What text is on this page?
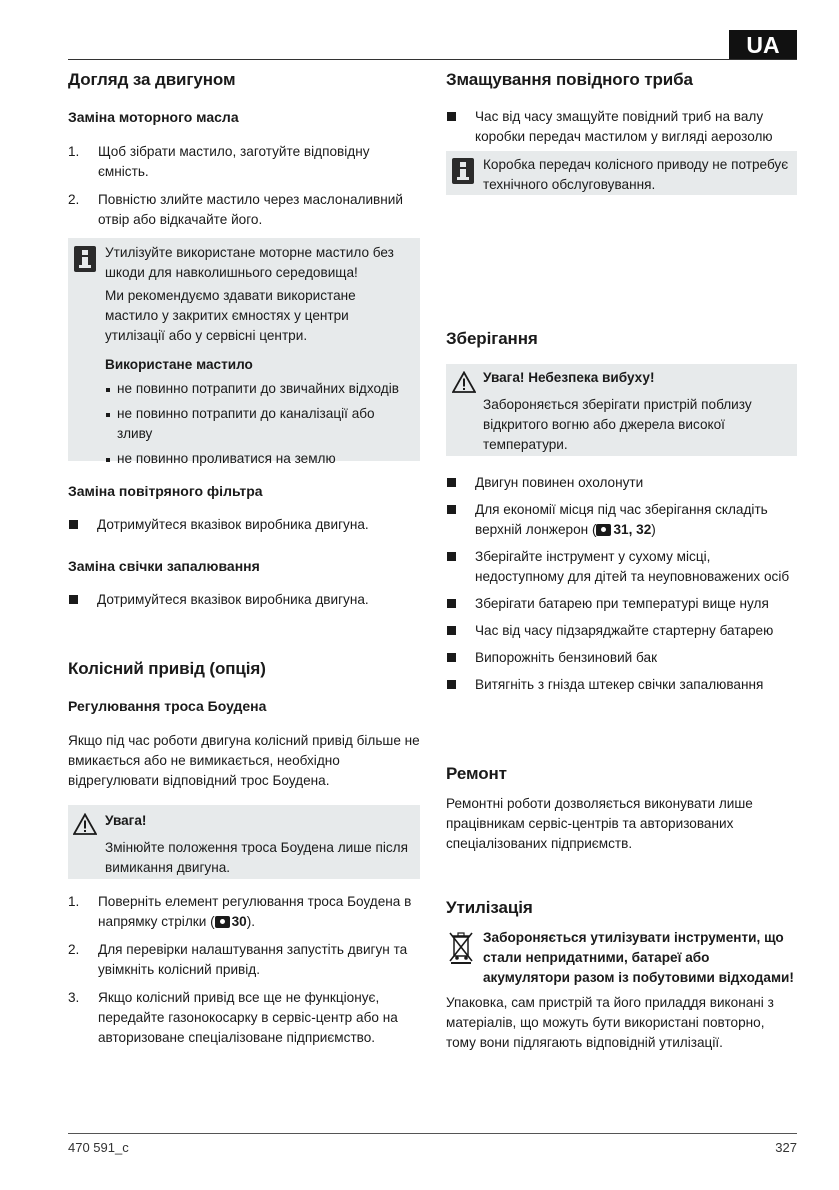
UA
Догляд за двигуном
Заміна моторного масла
1. Щоб зібрати мастило, заготуйте відповідну ємність.
2. Повністю злийте мастило через маслоналивний отвір або відкачайте його.

Утилізуйте використане моторне мастило без шкоди для навколишнього середовища!

Ми рекомендуємо здавати використане мастило у закритих ємностях у центри утилізації або у сервісні центри.

Використане мастило

не повинно потрапити до звичайних відходів
не повинно потрапити до каналізації або зливу
не повинно проливатися на землю
Заміна повітряного фільтра
Дотримуйтеся вказівок виробника двигуна.
Заміна свічки запалювання
Дотримуйтеся вказівок виробника двигуна.
Колісний привід (опція)
Регулювання троса Боудена

Якщо під час роботи двигуна колісний привід більше не вмикається або не вимикається, необхідно відрегулювати відповідний трос Боудена.

Увага!

Змінюйте положення троса Боудена лише після вимикання двигуна.

1. Поверніть елемент регулювання троса Боудена в напрямку стрілки ( 30).
2. Для перевірки налаштування запустіть двигун та увімкніть колісний привід.
3. Якщо колісний привід все ще не функціонує, передайте газонокосарку в сервіс-центр або на авторизоване спеціалізоване підприємство.
Змащування повідного триба
Час від часу змащуйте повідний триб на валу коробки передач мастилом у вигляді аерозолю

Коробка передач колісного приводу не потребує технічного обслуговування.

Зберігання

Увага! Небезпека вибуху!

Забороняється зберігати пристрій поблизу відкритого вогню або джерела високої температури.

Двигун повинен охолонути
Для економії місця під час зберігання складіть верхній лонжерон ( 31, 32)
Зберігайте інструмент у сухому місці, недоступному для дітей та неуповноважених осіб
Зберігати батарею при температурі вище нуля
Час від часу підзаряджайте стартерну батарею
Випорожніть бензиновий бак
Витягніть з гнізда штекер свічки запалювання
Ремонт

Ремонтні роботи дозволяється виконувати лише працівникам сервіс-центрів та авторизованих спеціалізованих підприємств.

Утилізація

Забороняється утилізувати інструменти, що стали непридатними, батареї або акумулятори разом із побутовими відходами!

Упаковка, сам пристрій та його приладдя виконані з матеріалів, що можуть бути використані повторно, тому вони підлягають відповідній утилізації.

470 591_c	327
